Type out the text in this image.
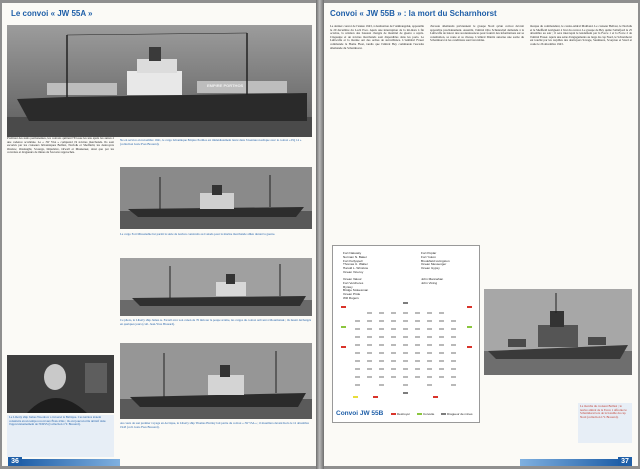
Le convoi « JW 55A »
EMPIRE PORTHOS
Profitant des nuits permanentes, les convois quittent l'Écosse les uns après les autres à une cadence accélérée. Le « JW 55A » comprend 19 navires marchands. Ils sont escortés par les croiseurs britanniques Belfast, Norfolk et Sheffield, les destroyers Onslow, Onslaught, Scourge, Impulsive, Orwell et Musketeer, ainsi que par les corvettes et dragueurs de mines de l'escorte rapprochée.
Ne en service en novembre 1941, le cargo britannique Empire Porthos est immédiatement lancé dans l'aventure nordique avec le convoi « PQ 14 » (collection Jean-Yves Brouard).
Le cargo Fort Missanabie fut parmi la série de navires construits au Canada pour la marine marchande alliée durant la guerre.
Ce photo, le Liberty ship James A. Farrell avec son canon de 76 mm sur la poupe arrière, les cargos du convoi arrivent à Mourmansk ; ils furent déchargés en quelques jours (coll. Jean-Yves Brouard).
Au cours de son premier voyage en Arctique, le Liberty ship Thomas Hartley fait partie du convoi « JW 55A » ; il mouillera devant Kola le 12 décembre 1943 (coll. Jean-Yves Brouard).
Le Liberty ship James Woodrow a traversé la Baltique. Ces navires étaient construits en un temps record aux États-Unis ; ils ont joué un rôle décisif dans l'approvisionnement de l'URSS (Collection J.Y. Brouard).
36
Convoi « JW 55B » : la mort du Scharnhorst
Le dernier convoi de l'année 1943, à destination de l'Arkhangelsk, appareille le 20 décembre du Loch Ewe. Après une interruption de la mi-mars à fin octobre, la relation des bateaux chargés de matériel de guerre a repris. Cinquante et un navires marchands sont disponibles dans les ports. Le Luftwaffe et la marine ont des ordres de surveillance. L'Admiral Fraser commande la Home Fleet, tandis que l'amiral Bey commande l'escadre allemande du Scharnhorst.
d'écoute allemands préviennent le groupe Nord qu'un convoi devrait apparaître prochainement. Aussitôt, l'amiral Otto Schniewind demande à la Luftwaffe de lancer des reconnaissances pour fournir des informations sur sa constitution, sa route et sa vitesse. L'amiral Dönitz autorise une sortie du Scharnhorst si les conditions sont favorables.
marque du commandant, le contre-amiral Maitland. Le croiseur Belfast, le Norfolk et le Sheffield naviguent à l'est du convoi. Le groupe de Bey quitte l'Altafjord le 25 décembre au soir ; il sera intercepté le lendemain par la Force 1 et la Force 2 de l'amiral Fraser. Après une série d'engagements au large du cap Nord, le Scharnhorst est touché par les torpilles des destroyers Savage, Saumarez, Scorpion et Stord et coule le 26 décembre 1943.
Fort Nakusky
Norman N. Baker
Fort Kullyspell
Thomas U. Walter
Harold L. Winslow
Ocean Viceroy
Ocean Valour
Fort Vercheres
Ryrasy
Bridge Stokesman
Ocean Pride
Will Rogers
Fort Poplar
Fort Yukon
Brookfield Livingston
Ocean Messenger
Ocean Gypsy
John Mannahan
John Vining
Convoi JW 55B	Destroyer	Corvette	Dragueur de mines
La marche du croiseur Belfast ; le navire amiral de la Force 1 affronte le Scharnhorst lors de la bataille du cap Nord (collection J.Y. Brouard).
37
